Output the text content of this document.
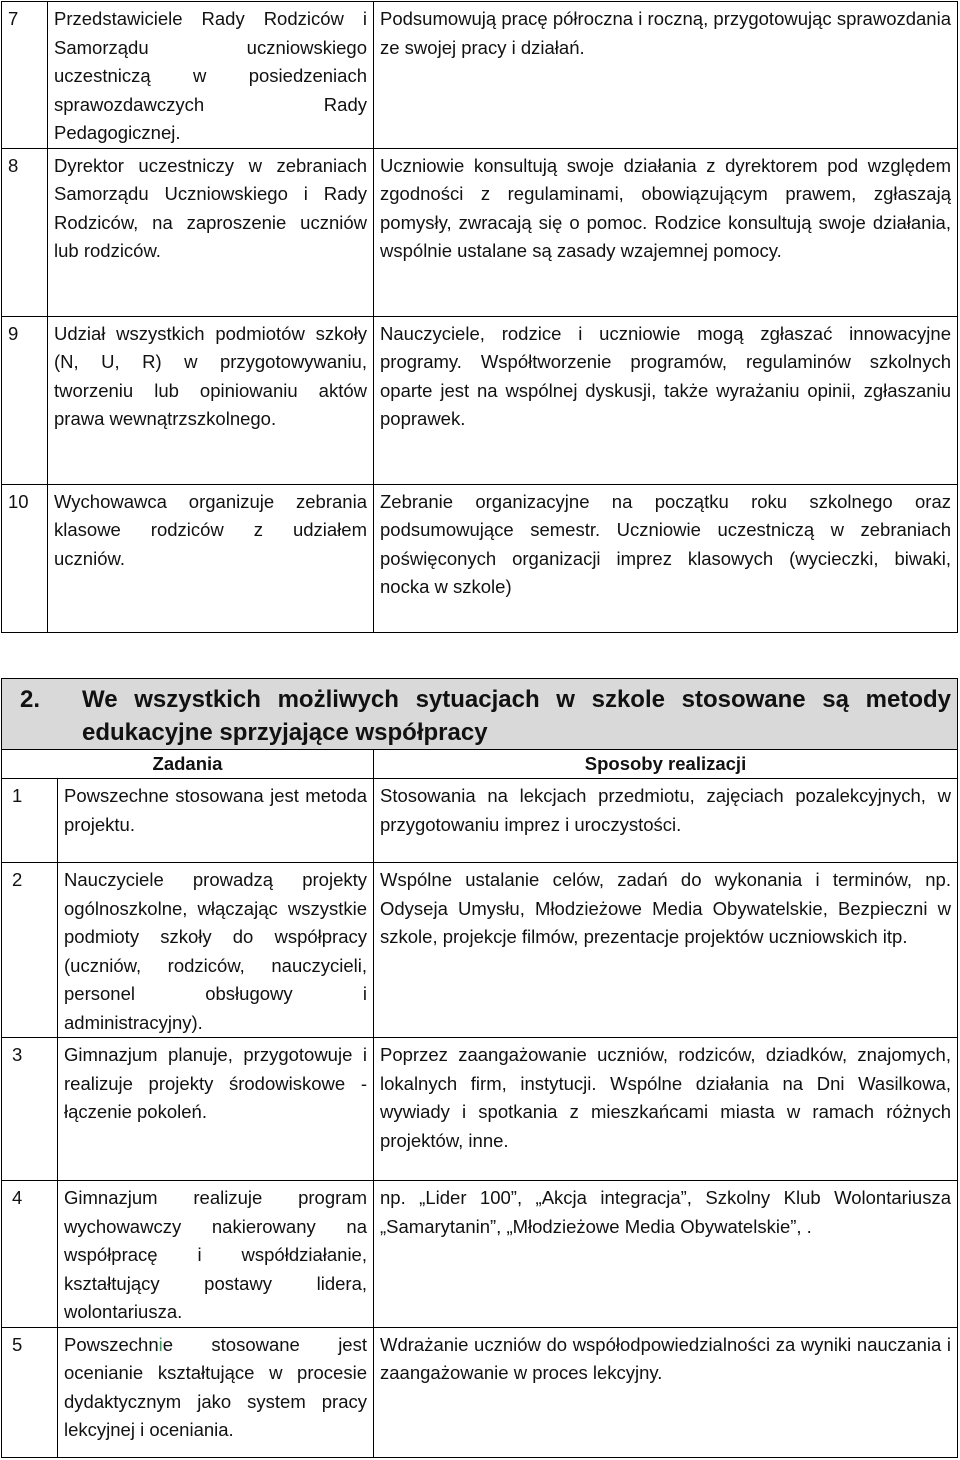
7	Przedstawiciele Rady Rodziców i Samorządu uczniowskiego uczestniczą w posiedzeniach sprawozdawczych Rady Pedagogicznej.	Podsumowują pracę półroczna i roczną, przygotowując sprawozdania ze swojej pracy i działań.
8	Dyrektor uczestniczy w zebraniach Samorządu Uczniowskiego i Rady Rodziców, na zaproszenie uczniów lub rodziców.	Uczniowie konsultują swoje działania z dyrektorem pod względem zgodności z regulaminami, obowiązującym prawem, zgłaszają pomysły, zwracają się o pomoc. Rodzice konsultują swoje działania, wspólnie ustalane są zasady wzajemnej pomocy.
9	Udział wszystkich podmiotów szkoły (N, U, R) w przygotowywaniu, tworzeniu lub opiniowaniu aktów prawa wewnątrzszkolnego.	Nauczyciele, rodzice i uczniowie mogą zgłaszać innowacyjne programy. Współtworzenie programów, regulaminów szkolnych oparte jest na wspólnej dyskusji, także wyrażaniu opinii, zgłaszaniu poprawek.
10	Wychowawca organizuje zebrania klasowe rodziców z udziałem uczniów.	Zebranie organizacyjne na początku roku szkolnego oraz podsumowujące semestr. Uczniowie uczestniczą w zebraniach poświęconych organizacji imprez klasowych (wycieczki, biwaki, nocka w szkole)
2. We wszystkich możliwych sytuacjach w szkole stosowane są metody edukacyjne sprzyjające współpracy		

Zadania		Sposoby realizacji
1	Powszechne stosowana jest metoda projektu.	Stosowania na lekcjach przedmiotu, zajęciach pozalekcyjnych, w przygotowaniu imprez i uroczystości.
2	Nauczyciele prowadzą projekty ogólnoszkolne, włączając wszystkie podmioty szkoły do współpracy (uczniów, rodziców, nauczycieli, personel obsługowy i administracyjny).	Wspólne ustalanie celów, zadań do wykonania i terminów, np. Odyseja Umysłu, Młodzieżowe Media Obywatelskie, Bezpieczni w szkole, projekcje filmów, prezentacje projektów uczniowskich itp.
3	Gimnazjum planuje, przygotowuje i realizuje projekty środowiskowe - łączenie pokoleń.	Poprzez zaangażowanie uczniów, rodziców, dziadków, znajomych, lokalnych firm, instytucji. Wspólne działania na Dni Wasilkowa, wywiady i spotkania z mieszkańcami miasta w ramach różnych projektów, inne.
4	Gimnazjum realizuje program wychowawczy nakierowany na współpracę i współdziałanie, kształtujący postawy lidera, wolontariusza.	np. „Lider 100”, „Akcja integracja”, Szkolny Klub Wolontariusza „Samarytanin”, „Młodzieżowe Media Obywatelskie”, .
5	Powszechnie stosowane jest ocenianie kształtujące w procesie dydaktycznym jako system pracy lekcyjnej i oceniania.	Wdrażanie uczniów do współodpowiedzialności za wyniki nauczania i zaangażowanie w proces lekcyjny.
